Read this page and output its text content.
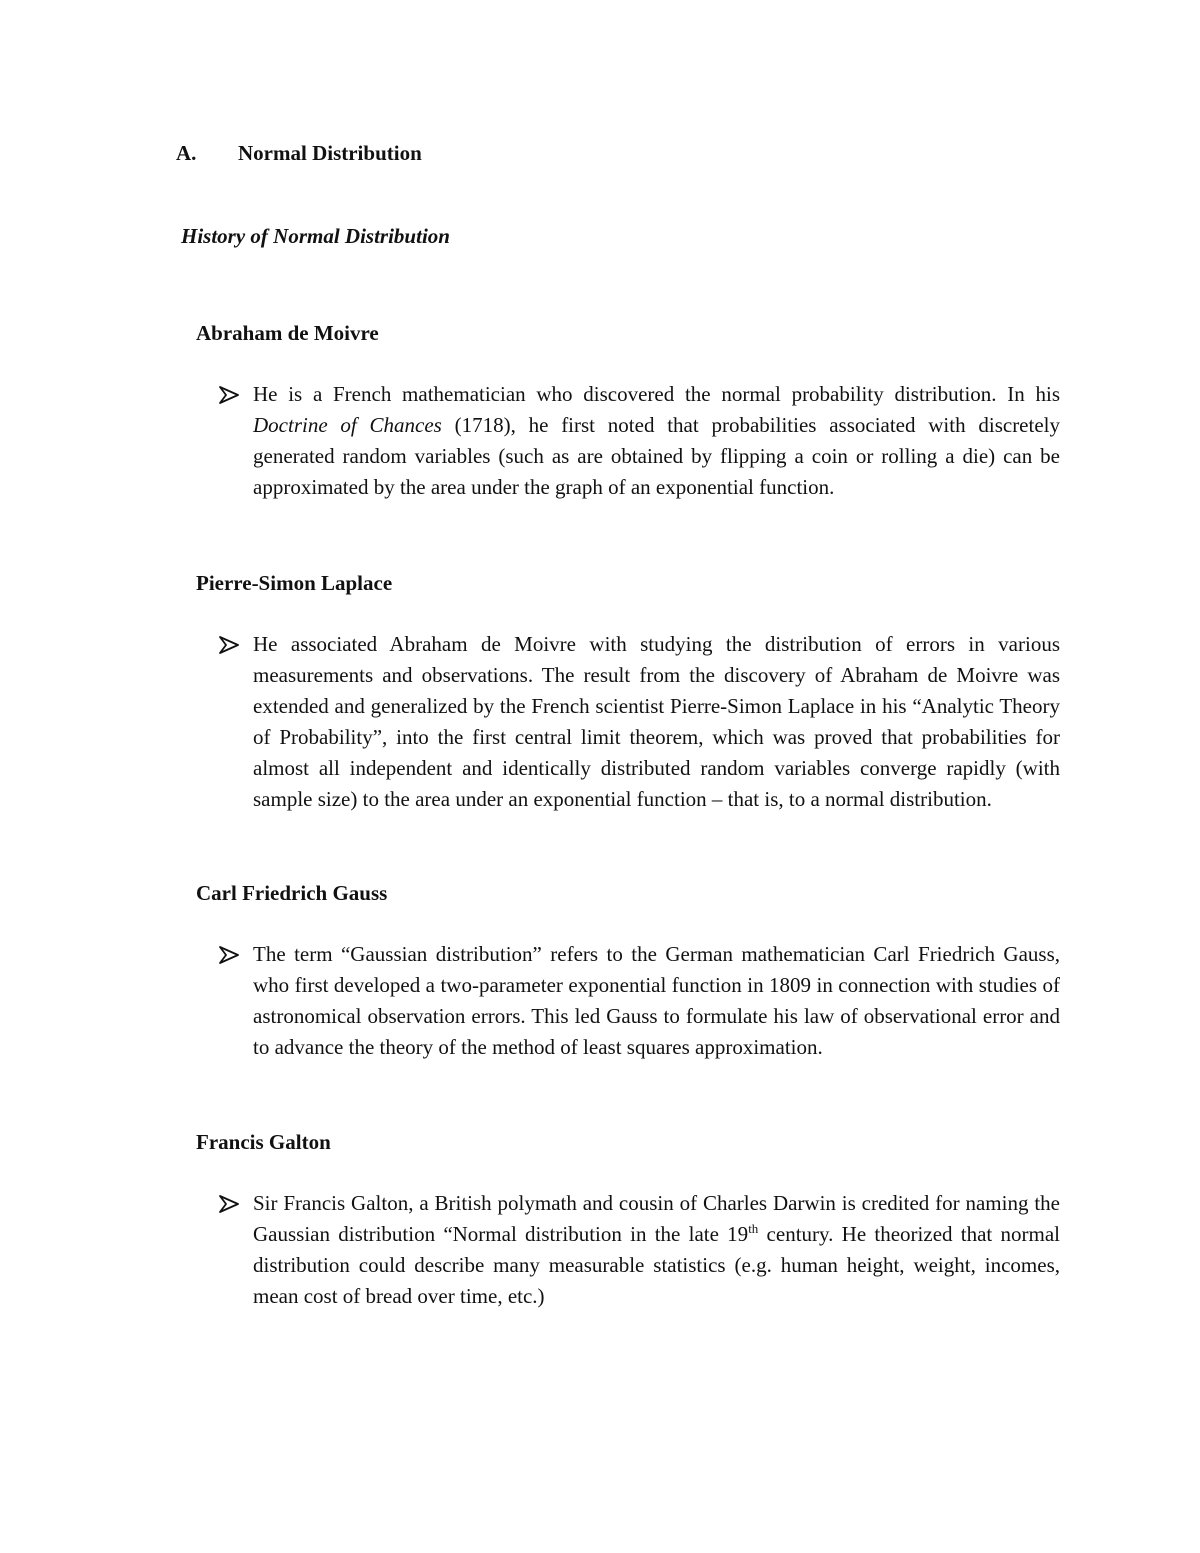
A. Normal Distribution
History of Normal Distribution

Abraham de Moivre

He is a French mathematician who discovered the normal probability distribution. In his Doctrine of Chances (1718), he first noted that probabilities associated with discretely generated random variables (such as are obtained by flipping a coin or rolling a die) can be approximated by the area under the graph of an exponential function.

Pierre-Simon Laplace

He associated Abraham de Moivre with studying the distribution of errors in various measurements and observations. The result from the discovery of Abraham de Moivre was extended and generalized by the French scientist Pierre-Simon Laplace in his “Analytic Theory of Probability”, into the first central limit theorem, which was proved that probabilities for almost all independent and identically distributed random variables converge rapidly (with sample size) to the area under an exponential function – that is, to a normal distribution.

Carl Friedrich Gauss

The term “Gaussian distribution” refers to the German mathematician Carl Friedrich Gauss, who first developed a two-parameter exponential function in 1809 in connection with studies of astronomical observation errors. This led Gauss to formulate his law of observational error and to advance the theory of the method of least squares approximation.

Francis Galton

Sir Francis Galton, a British polymath and cousin of Charles Darwin is credited for naming the Gaussian distribution “Normal distribution in the late 19th century. He theorized that normal distribution could describe many measurable statistics (e.g. human height, weight, incomes, mean cost of bread over time, etc.)
